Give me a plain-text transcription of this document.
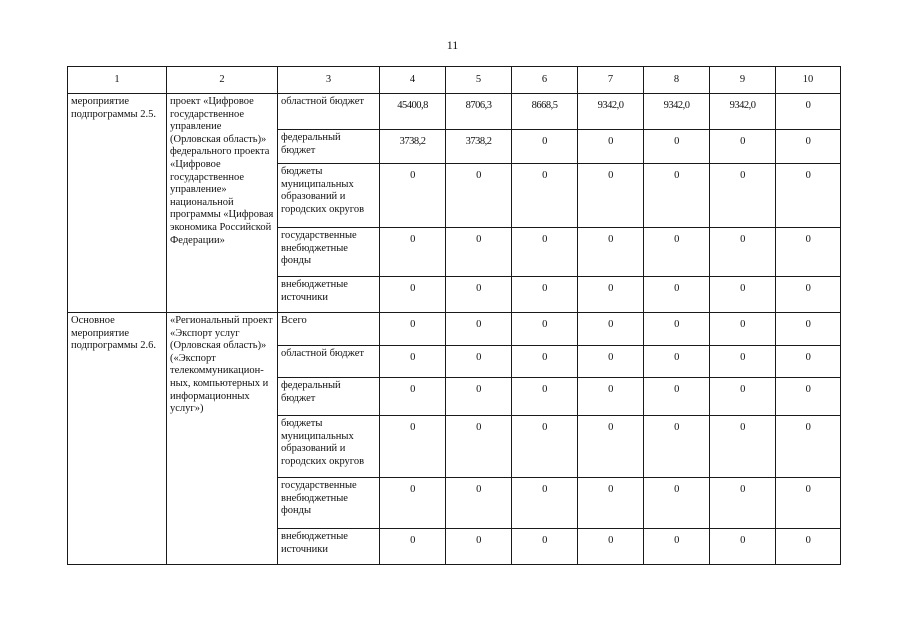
11
1	2	3	4	5	6	7	8	9	10
мероприятие подпрограммы 2.5.	проект «Цифровое государственное управление (Орловская область)» федерального проекта «Цифровое государственное управление» национальной программы «Цифровая экономика Российской Федерации»	областной бюджет	45400,8	8706,3	8668,5	9342,0	9342,0	9342,0	0
		федеральный бюджет	3738,2	3738,2	0	0	0	0	0
		бюджеты муниципальных образований и городских округов	0	0	0	0	0	0	0
		государственные внебюджетные фонды	0	0	0	0	0	0	0
		внебюджетные источники	0	0	0	0	0	0	0
Основное мероприятие подпрограммы 2.6.	«Региональный проект «Экспорт услуг (Орловская область)» («Экспорт телекоммуникацион-ных, компьютерных и информационных услуг»)	Всего	0	0	0	0	0	0	0
		областной бюджет	0	0	0	0	0	0	0
		федеральный бюджет	0	0	0	0	0	0	0
		бюджеты муниципальных образований и городских округов	0	0	0	0	0	0	0
		государственные внебюджетные фонды	0	0	0	0	0	0	0
		внебюджетные источники	0	0	0	0	0	0	0
